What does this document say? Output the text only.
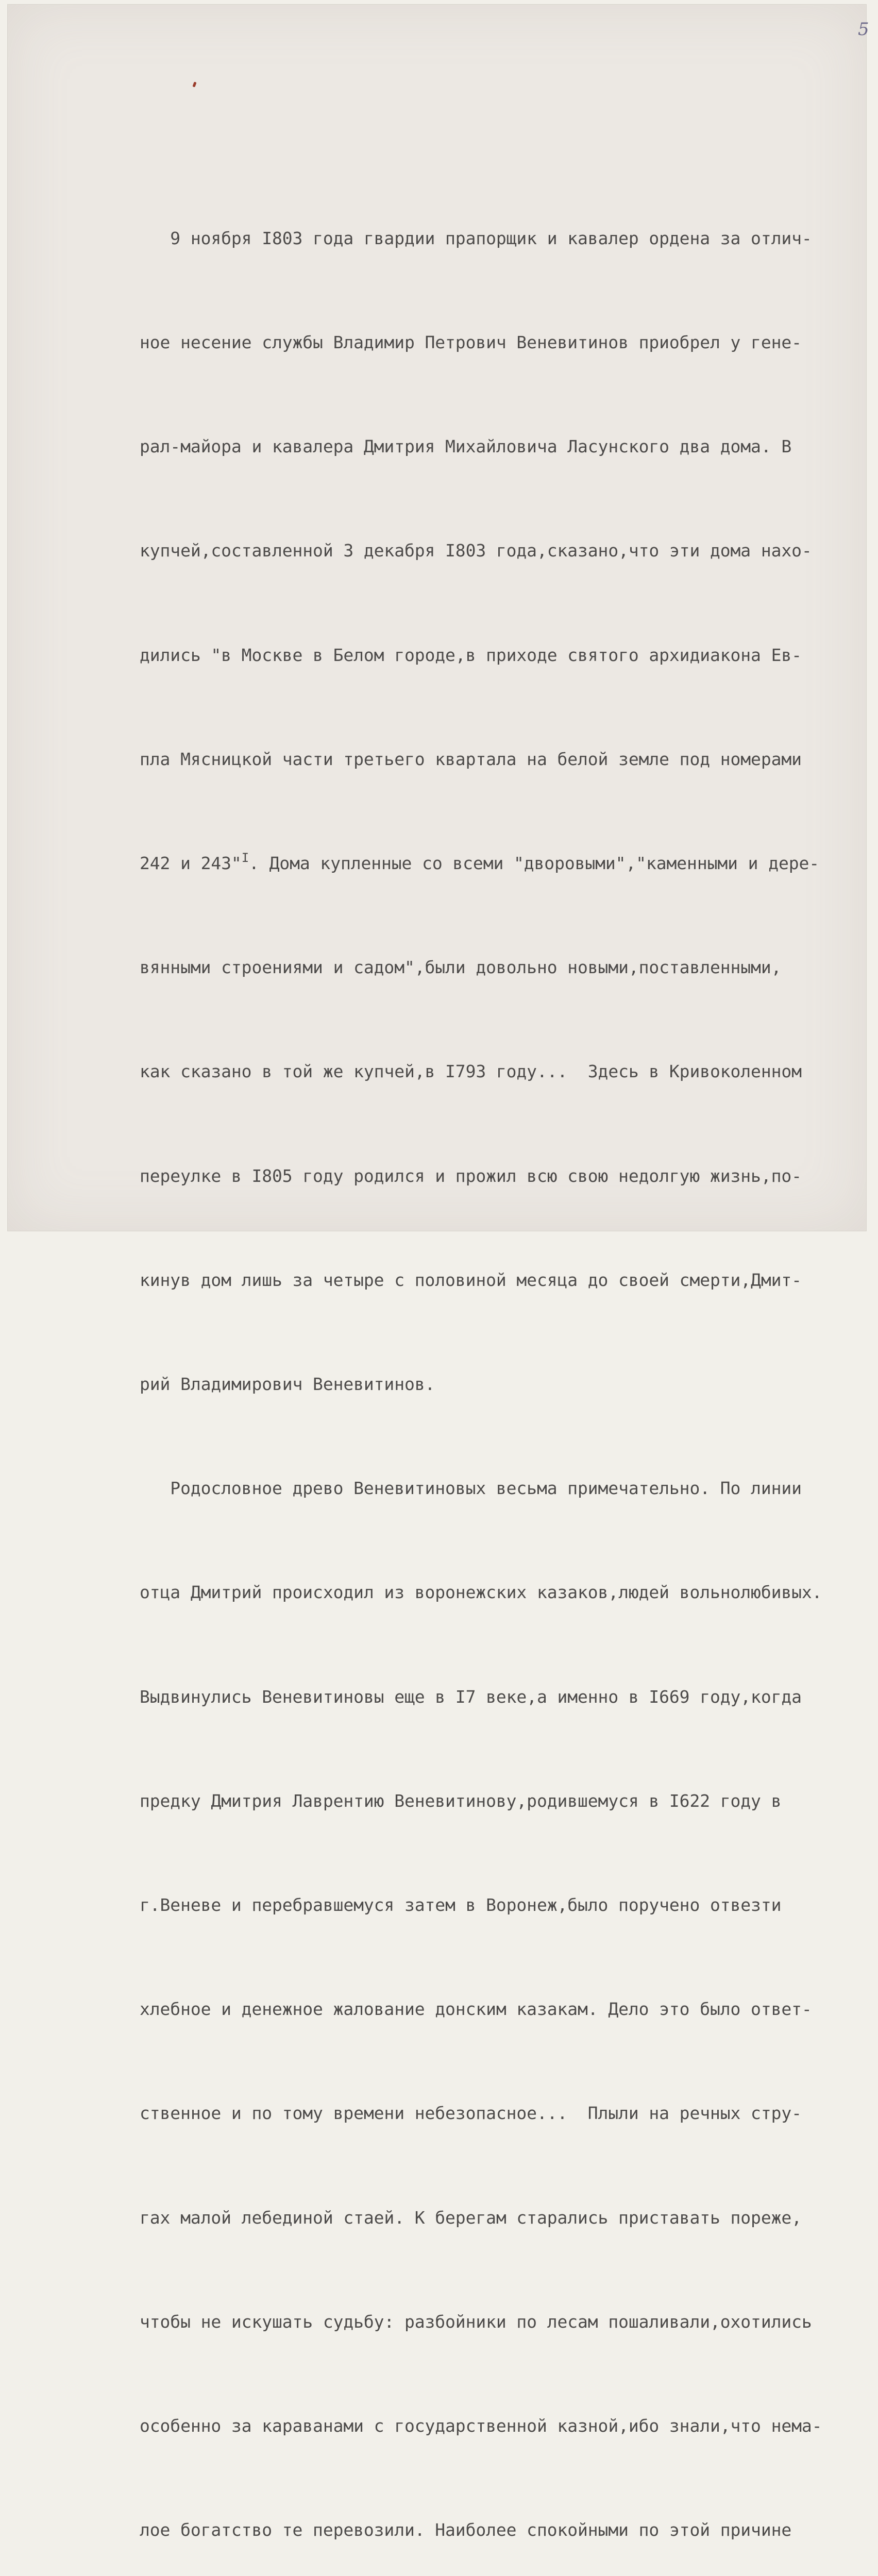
5

9 ноября I803 года гвардии прапорщик и кавалер ордена за отлич-

ное несение службы Владимир Петрович Веневитинов приобрел у гене-

рал-майора и кавалера Дмитрия Михайловича Ласунского два дома. В

купчей,составленной 3 декабря I803 года,сказано,что эти дома нахо-

дились "в Москве в Белом городе,в приходе святого архидиакона Ев-

пла Мясницкой части третьего квартала на белой земле под номерами

242 и 243"$^I$. Дома купленные со всеми "дворовыми","каменными и дере-

вянными строениями и садом",были довольно новыми,поставленными,

как сказано в той же купчей,в I793 году...  Здесь в Кривоколенном

переулке в I805 году родился и прожил всю свою недолгую жизнь,по-

кинув дом лишь за четыре с половиной месяца до своей смерти,Дмит-

рий Владимирович Веневитинов.

Родословное древо Веневитиновых весьма примечательно. По линии

отца Дмитрий происходил из воронежских казаков,людей вольнолюбивых.

Выдвинулись Веневитиновы еще в I7 веке,а именно в I669 году,когда

предку Дмитрия Лаврентию Веневитинову,родившемуся в I622 году в

г.Веневе и перебравшемуся затем в Воронеж,было поручено отвезти

хлебное и денежное жалование донским казакам. Дело это было ответ-

ственное и по тому времени небезопасное...  Плыли на речных стру-

гах малой лебединой стаей. К берегам старались приставать пореже,

чтобы не искушать судьбу: разбойники по лесам пошаливали,охотились

особенно за караванами с государственной казной,ибо знали,что нема-

лое богатство те перевозили. Наиболее спокойными по этой причине
